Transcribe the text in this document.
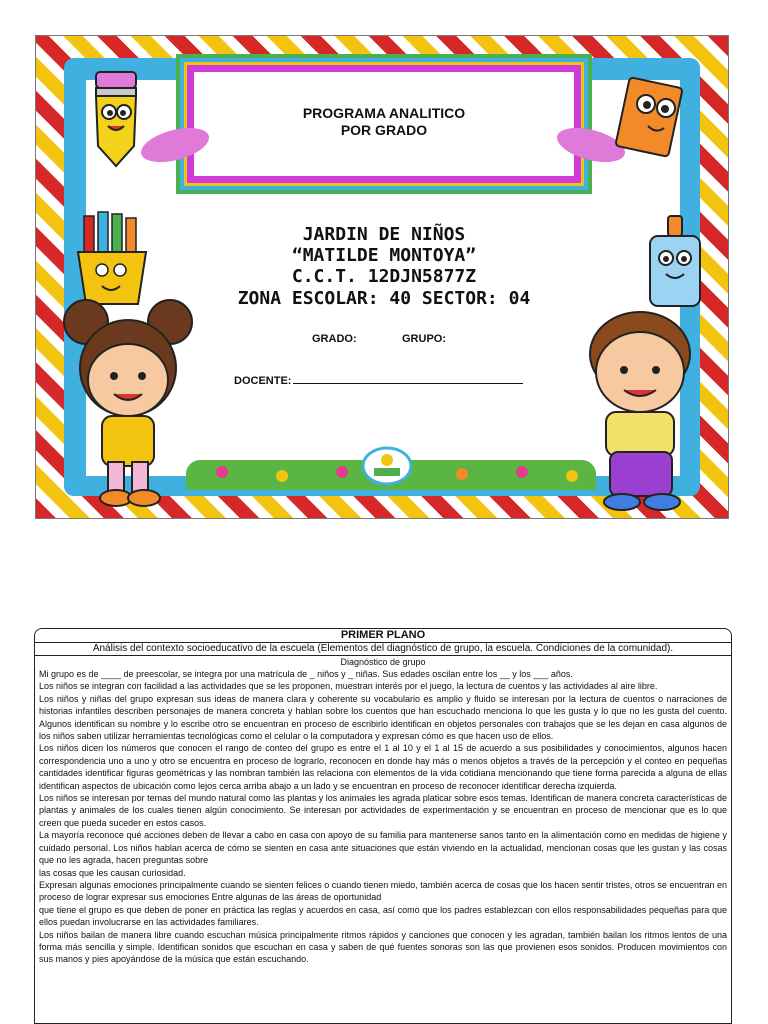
PROGRAMA ANALITICO
POR GRADO
JARDIN DE NIÑOS
“MATILDE MONTOYA”
C.C.T. 12DJN5877Z
ZONA ESCOLAR: 40 SECTOR: 04
GRADO:	GRUPO:
DOCENTE:
PRIMER PLANO
Análisis del contexto socioeducativo de la escuela (Elementos del diagnóstico de grupo, la escuela. Condiciones de la comunidad).
Diagnóstico de grupo

Mi grupo es de ____ de preescolar, se integra por una matrícula de _ niños y _ niñas. Sus edades oscilan entre los __ y los ___ años.

Los niños se integran con facilidad a las actividades que se les proponen, muestran interés por el juego, la lectura de cuentos y las actividades al aire libre.

Los niños y niñas del grupo expresan sus ideas de manera clara y coherente su vocabulario es amplio y fluido se interesan por la lectura de cuentos o narraciones de historias infantiles describen personajes de manera concreta y hablan sobre los cuentos que han escuchado menciona lo que les gusta y lo que no les gusta del cuento. Algunos identifican su nombre y lo escribe otro se encuentran en proceso de escribirlo identifican en objetos personales con trabajos que se les dejan en casa algunos de los niños saben utilizar herramientas tecnológicas como el celular o la computadora y expresan cómo es que hacen uso de ellos.

Los niños dicen los números que conocen el rango de conteo del grupo es entre el 1 al 10 y el 1 al 15 de acuerdo a sus posibilidades y conocimientos, algunos hacen correspondencia uno a uno y otro se encuentra en proceso de lograrlo, reconocen en donde hay más o menos objetos a través de la percepción y el conteo en pequeñas cantidades identificar figuras geométricas y las nombran también las relaciona con elementos de la vida cotidiana mencionando que tiene forma parecida a alguna de ellas identifican aspectos de ubicación como lejos cerca arriba abajo a un lado y se encuentran en proceso de reconocer identificar derecha izquierda.

Los niños se interesan por temas del mundo natural como las plantas y los animales les agrada platicar sobre esos temas. Identifican de manera concreta características de plantas y animales de los cuales tienen algún conocimiento. Se interesan por actividades de experimentación y se encuentran en proceso de mencionar que es lo que creen que pueda suceder en estos casos.

La mayoría reconoce qué acciones deben de llevar a cabo en casa con apoyo de su familia para mantenerse sanos tanto en la alimentación como en medidas de higiene y cuidado personal. Los niños hablan acerca de cómo se sienten en casa ante situaciones que están viviendo en la actualidad, mencionan cosas que les gustan y las cosas que no les agrada, hacen preguntas sobre

las cosas que les causan curiosidad.

Expresan algunas emociones principalmente cuando se sienten felices o cuando tienen miedo, también acerca de cosas que los hacen sentir tristes, otros se encuentran en proceso de lograr expresar sus emociones Entre algunas de las áreas de oportunidad

que tiene el grupo es que deben de poner en práctica las reglas y acuerdos en casa, así como que los padres establezcan con ellos responsabilidades pequeñas para que ellos puedan involucrarse en las actividades familiares.

Los niños bailan de manera libre cuando escuchan música principalmente ritmos rápidos y canciones que conocen y les agradan, también bailan los ritmos lentos de una forma más sencilla y simple. Identifican sonidos que escuchan en casa y saben de qué fuentes sonoras son las que provienen esos sonidos. Producen movimientos con sus manos y pies apoyándose de la música que están escuchando.
